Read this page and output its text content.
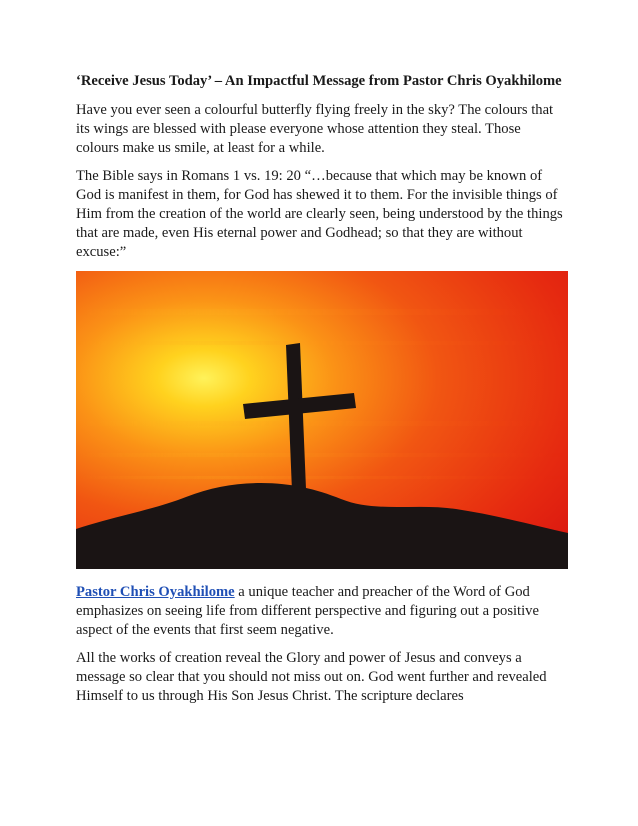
‘Receive Jesus Today’ – An Impactful Message from Pastor Chris Oyakhilome

Have you ever seen a colourful butterfly flying freely in the sky? The colours that its wings are blessed with please everyone whose attention they steal. Those colours make us smile, at least for a while.

The Bible says in Romans 1 vs. 19: 20 “…because that which may be known of God is manifest in them, for God has shewed it to them. For the invisible things of Him from the creation of the world are clearly seen, being understood by the things that are made, even His eternal power and Godhead; so that they are without excuse:”

Pastor Chris Oyakhilome a unique teacher and preacher of the Word of God emphasizes on seeing life from different perspective and figuring out a positive aspect of the events that first seem negative.

All the works of creation reveal the Glory and power of Jesus and conveys a message so clear that you should not miss out on. God went further and revealed Himself to us through His Son Jesus Christ. The scripture declares
